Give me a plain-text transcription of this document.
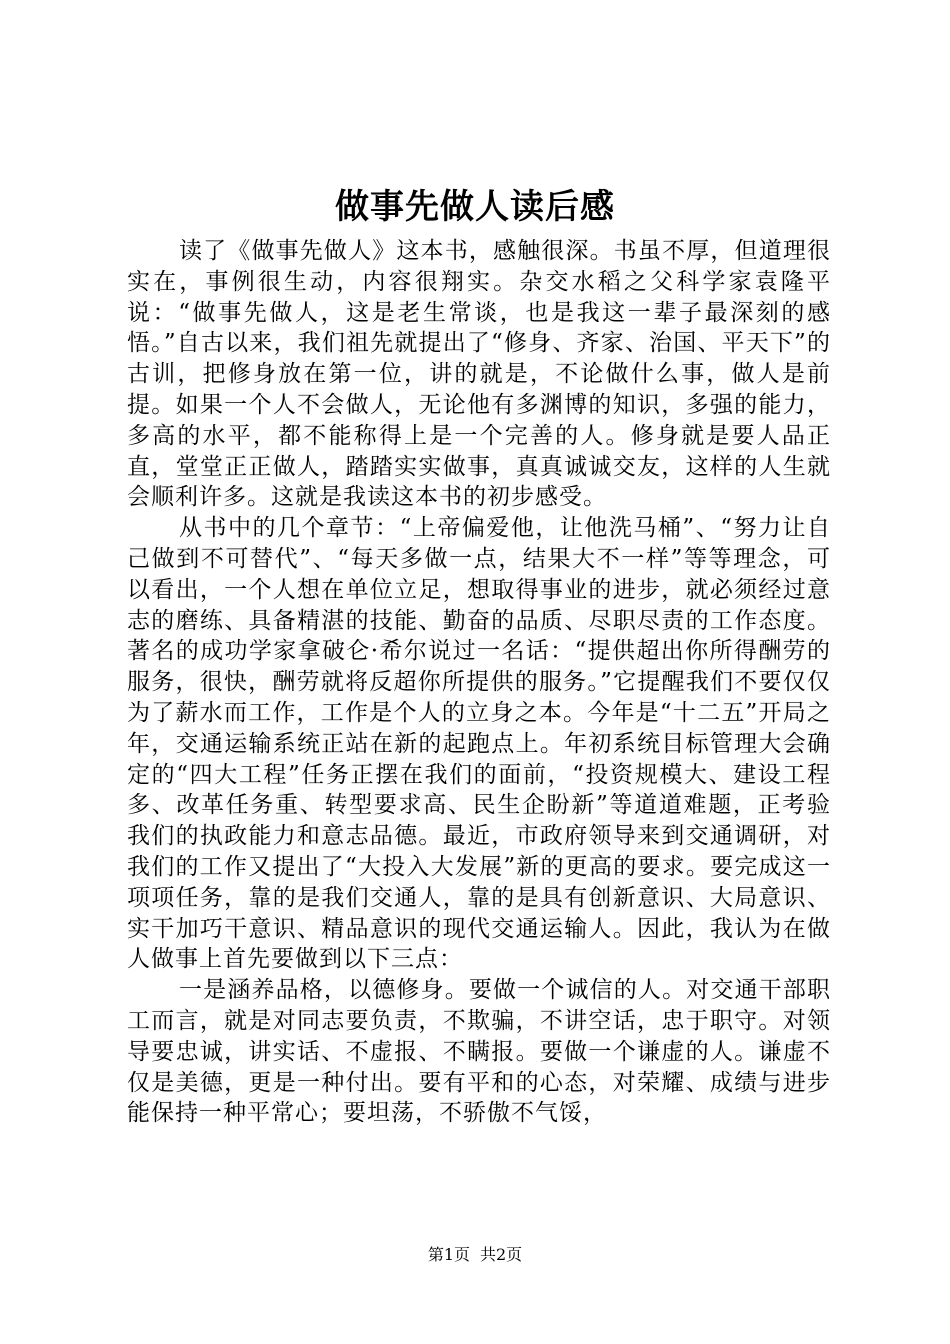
做事先做人读后感

读了《做事先做人》这本书，感触很深。书虽不厚，但道理很实在，事例很生动，内容很翔实。杂交水稻之父科学家袁隆平说：“做事先做人，这是老生常谈，也是我这一辈子最深刻的感悟。”自古以来，我们祖先就提出了“修身、齐家、治国、平天下”的古训，把修身放在第一位，讲的就是，不论做什么事，做人是前提。如果一个人不会做人，无论他有多渊博的知识，多强的能力，多高的水平，都不能称得上是一个完善的人。修身就是要人品正直，堂堂正正做人，踏踏实实做事，真真诚诚交友，这样的人生就会顺利许多。这就是我读这本书的初步感受。

从书中的几个章节：“上帝偏爱他，让他洗马桶”、“努力让自己做到不可替代”、“每天多做一点，结果大不一样”等等理念，可以看出，一个人想在单位立足，想取得事业的进步，就必须经过意志的磨练、具备精湛的技能、勤奋的品质、尽职尽责的工作态度。著名的成功学家拿破仑·希尔说过一名话：“提供超出你所得酬劳的服务，很快，酬劳就将反超你所提供的服务。”它提醒我们不要仅仅为了薪水而工作，工作是个人的立身之本。今年是“十二五”开局之年，交通运输系统正站在新的起跑点上。年初系统目标管理大会确定的“四大工程”任务正摆在我们的面前，“投资规模大、建设工程多、改革任务重、转型要求高、民生企盼新”等道道难题，正考验我们的执政能力和意志品德。最近，市政府领导来到交通调研，对我们的工作又提出了“大投入大发展”新的更高的要求。要完成这一项项任务，靠的是我们交通人，靠的是具有创新意识、大局意识、实干加巧干意识、精品意识的现代交通运输人。因此，我认为在做人做事上首先要做到以下三点：

一是涵养品格，以德修身。要做一个诚信的人。对交通干部职工而言，就是对同志要负责，不欺骗，不讲空话，忠于职守。对领导要忠诚，讲实话、不虚报、不瞒报。要做一个谦虚的人。谦虚不仅是美德，更是一种付出。要有平和的心态，对荣耀、成绩与进步能保持一种平常心；要坦荡，不骄傲不气馁，

第1页 共2页
